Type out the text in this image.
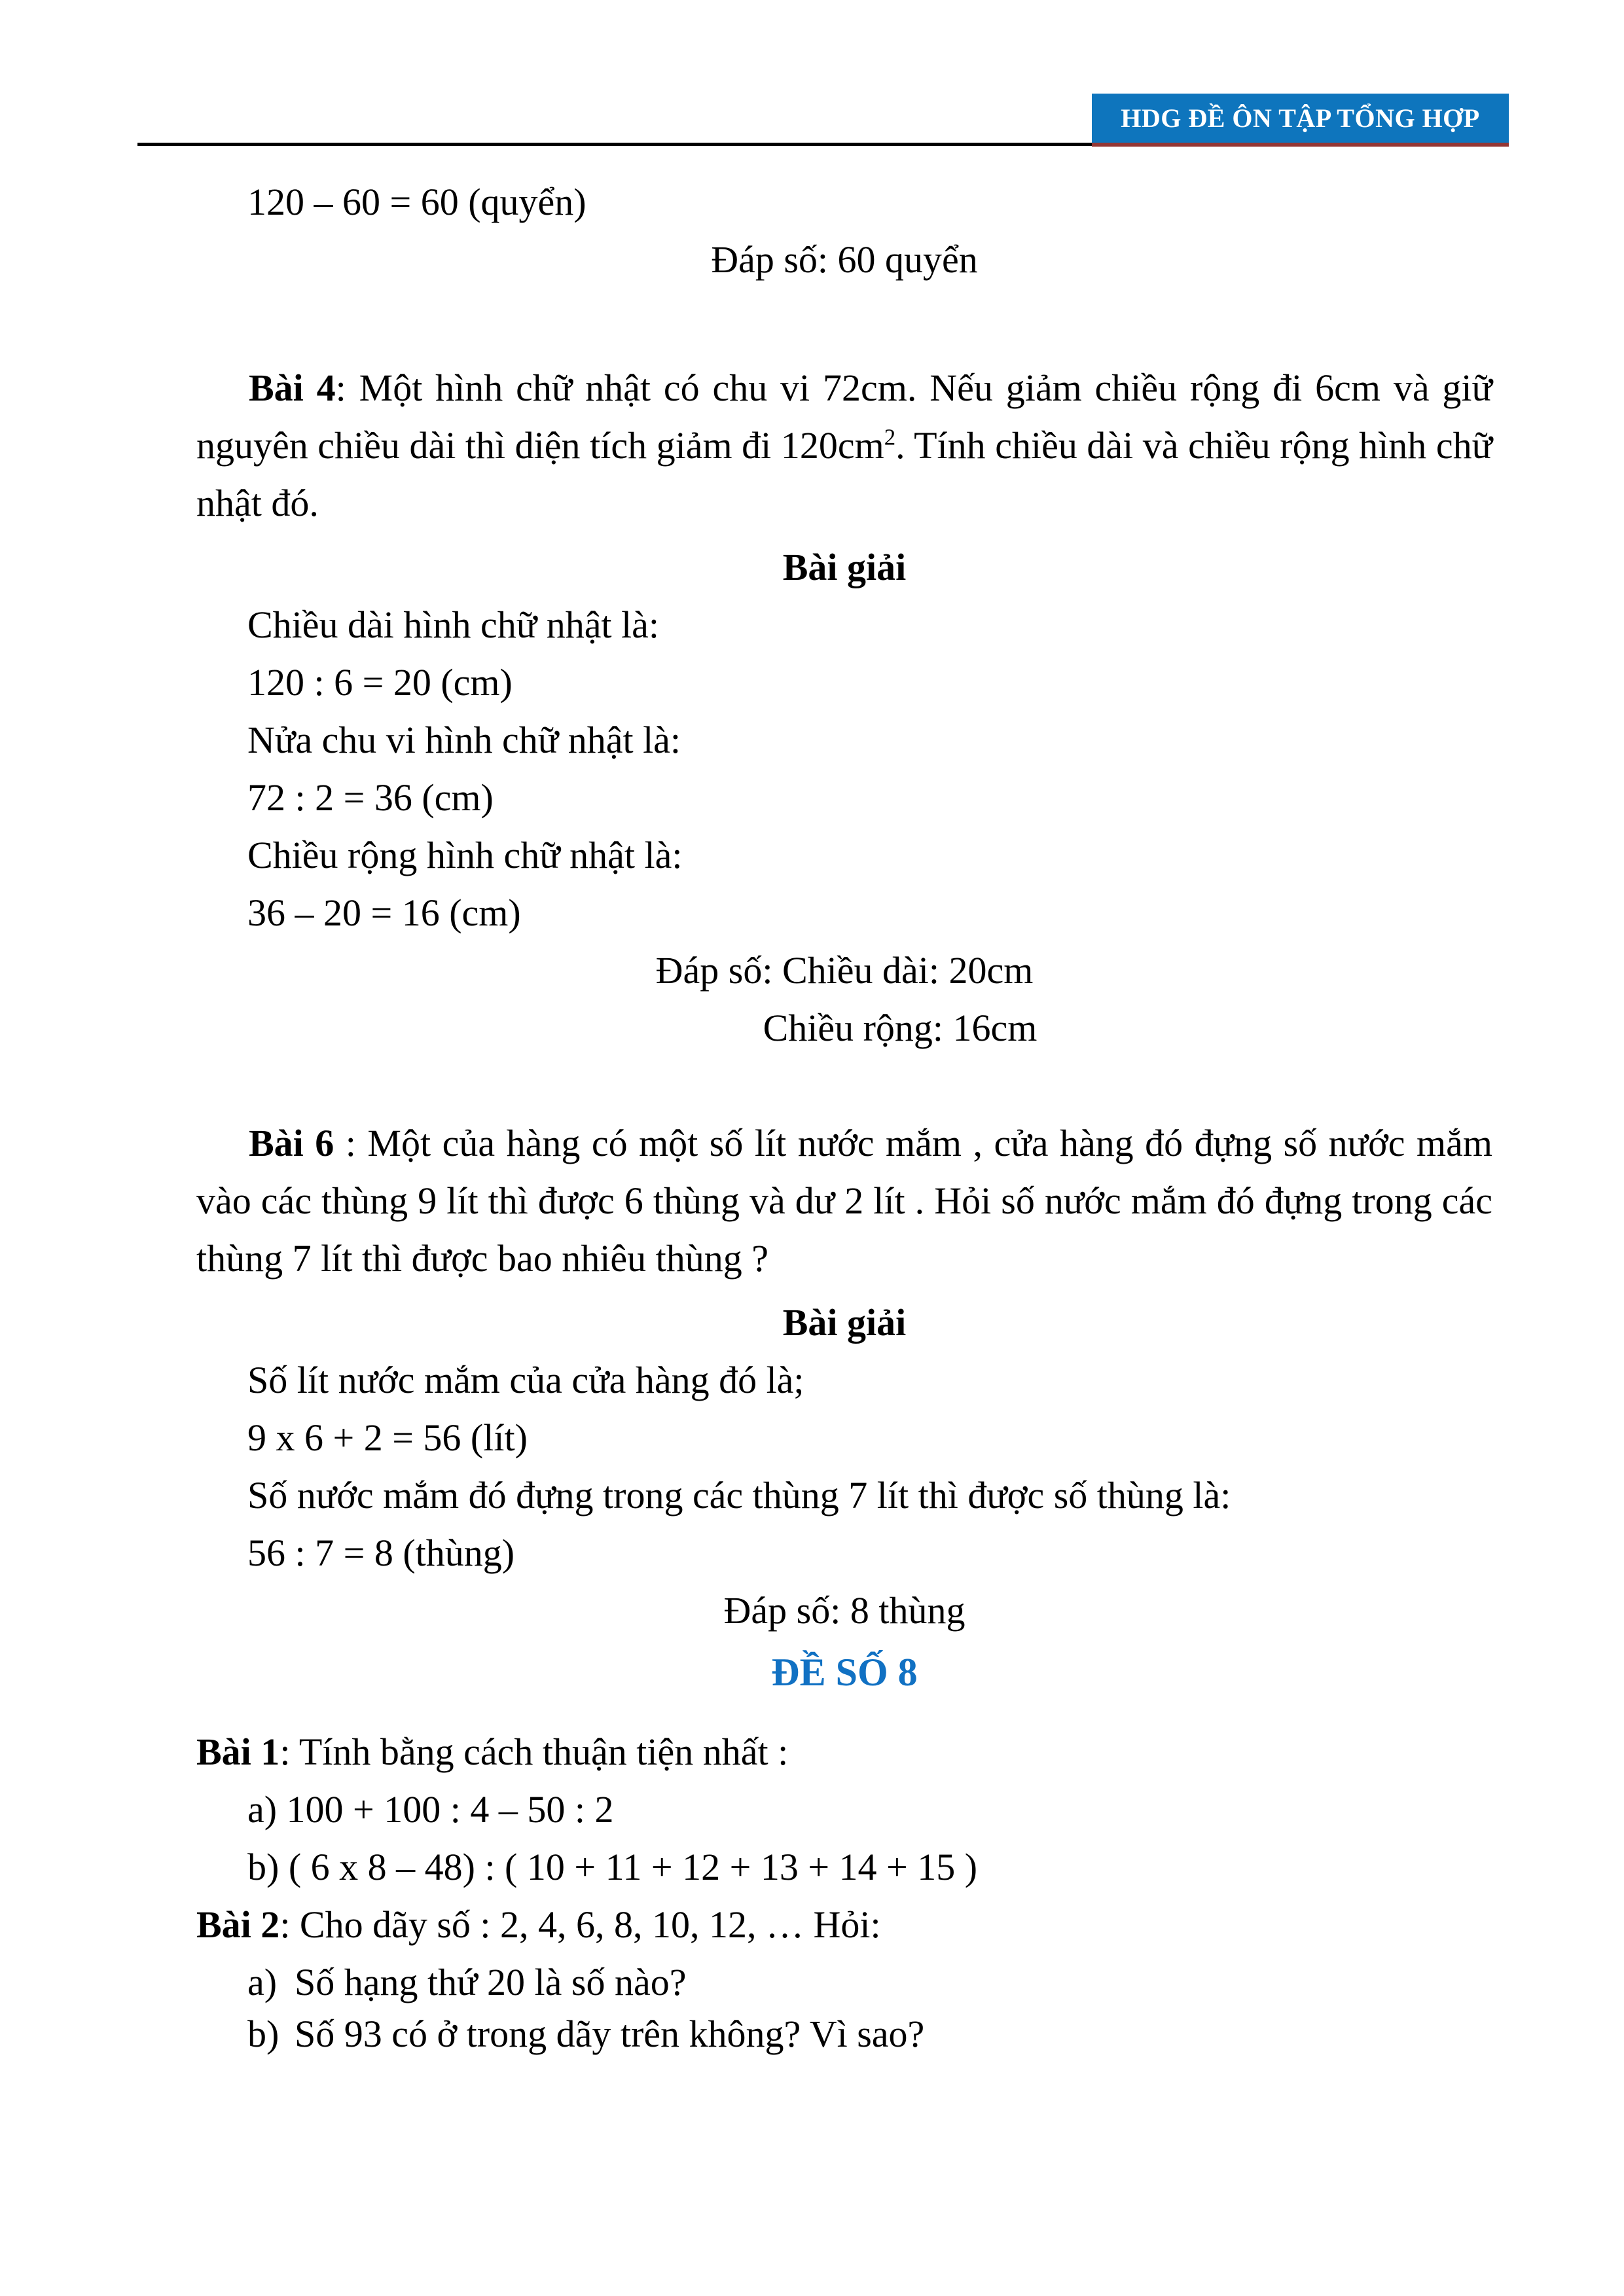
HDG ĐỀ ÔN TẬP TỔNG HỢP

120 – 60 = 60 (quyển)

Đáp số: 60 quyển

Bài 4: Một hình chữ nhật có chu vi 72cm. Nếu giảm chiều rộng đi 6cm và giữ nguyên chiều dài thì diện tích giảm đi $120cm^2$. Tính chiều dài và chiều rộng hình chữ nhật đó.

Bài giải

Chiều dài hình chữ nhật là:

120 : 6 = 20 (cm)

Nửa chu vi hình chữ nhật là:

72 : 2 = 36 (cm)

Chiều rộng hình chữ nhật là:

36 – 20 = 16 (cm)

Đáp số: Chiều dài: 20cm

Chiều rộng: 16cm

Bài 6 : Một của hàng có một số lít nước mắm , cửa hàng đó đựng số nước mắm vào các thùng 9 lít thì được 6 thùng và dư 2 lít . Hỏi số nước mắm đó đựng trong các thùng 7 lít thì được bao nhiêu thùng ?

Bài giải

Số lít nước mắm của cửa hàng đó là;

9 x 6 + 2 = 56 (lít)

Số nước mắm đó đựng trong các thùng 7 lít thì được số thùng là:

56 : 7 = 8 (thùng)

Đáp số: 8 thùng

ĐỀ SỐ 8

Bài 1: Tính bằng cách thuận tiện nhất :

a) 100 + 100 : 4 – 50 : 2

b) ( 6 x 8 – 48) : ( 10 + 11 + 12 + 13 + 14 + 15 )

Bài 2: Cho dãy số : 2, 4, 6, 8, 10, 12, … Hỏi:

a) Số hạng thứ 20 là số nào?

b) Số 93 có ở trong dãy trên không? Vì sao?
